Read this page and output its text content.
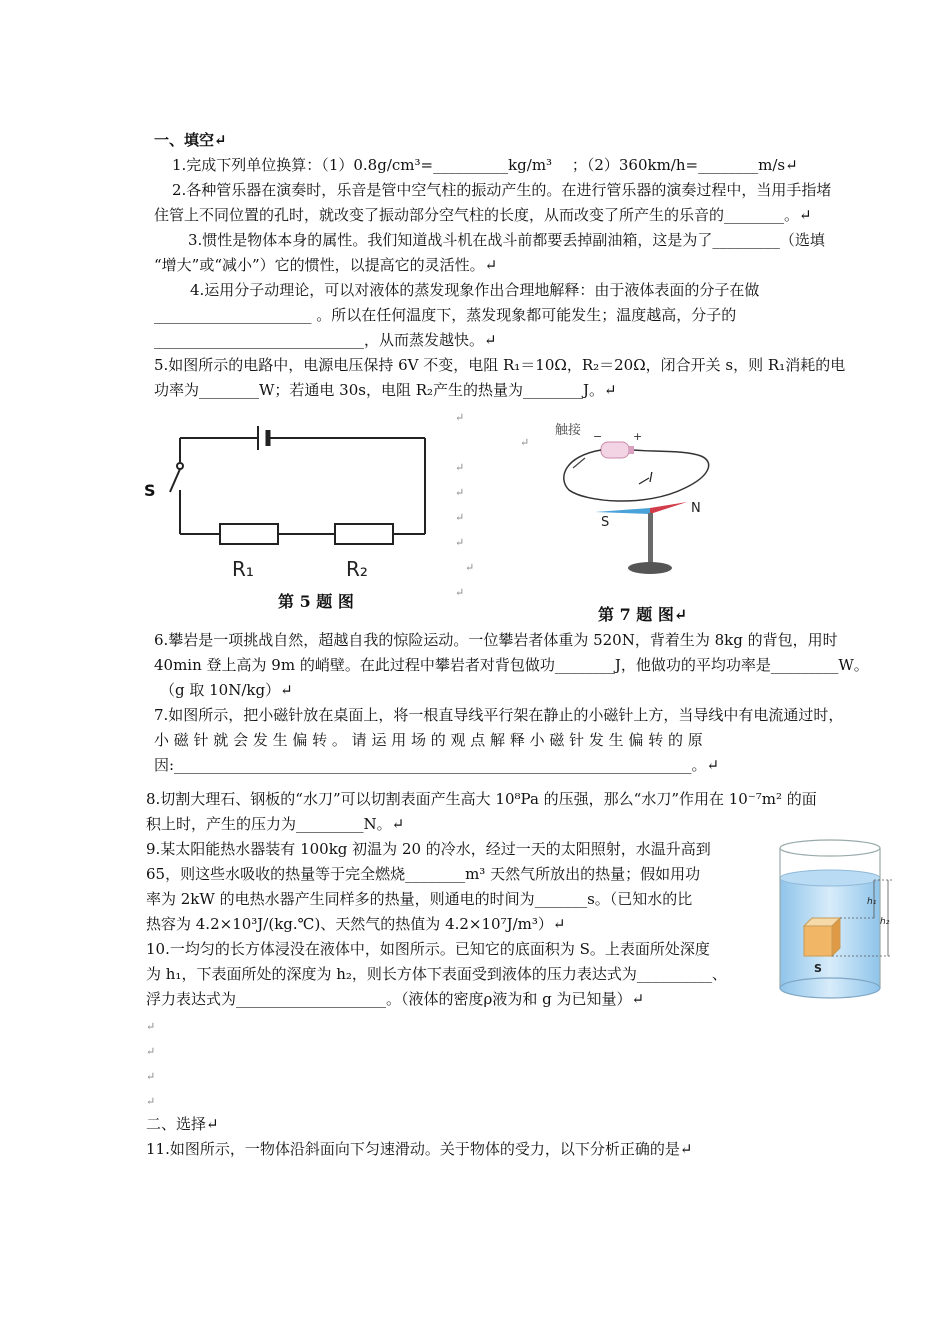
一、填空↵
1.完成下列单位换算：（1）0.8g/cm³=__________kg/m³　 ；（2）360km/h=________m/s↵
2.各种管乐器在演奏时，乐音是管中空气柱的振动产生的。在进行管乐器的演奏过程中，当用手指堵
住管上不同位置的孔时，就改变了振动部分空气柱的长度，从而改变了所产生的乐音的________。↵
3.惯性是物体本身的属性。我们知道战斗机在战斗前都要丢掉副油箱，这是为了_________（选填
“增大”或“减小”）它的惯性，以提高它的灵活性。↵
4.运用分子动理论，可以对液体的蒸发现象作出合理地解释：由于液体表面的分子在做
_____________________ 。所以在任何温度下，蒸发现象都可能发生；温度越高，分子的
____________________________，从而蒸发越快。↵
5.如图所示的电路中，电源电压保持 6V 不变，电阻 R₁＝10Ω，R₂＝20Ω，闭合开关 s，则 R₁消耗的电
功率为________W；若通电 30s，电阻 R₂产生的热量为________J。↵
S
R₁	R₂
第 5 题 图
↵
↵
↵
↵
↵
↵
↵
↵
触接 −	+
I
S
N
第 7 题 图↵
6.攀岩是一项挑战自然，超越自我的惊险运动。一位攀岩者体重为 520N，背着生为 8kg 的背包，用时
40min 登上高为 9m 的峭壁。在此过程中攀岩者对背包做功________J，他做功的平均功率是_________W。
（g 取 10N/kg）↵
7.如图所示，把小磁针放在桌面上，将一根直导线平行架在静止的小磁针上方，当导线中有电流通过时，
小 磁 针 就 会 发 生 偏 转 。 请 运 用 场 的 观 点 解 释 小 磁 针 发 生 偏 转 的 原
因:_____________________________________________________________________。↵
8.切割大理石、钢板的“水刀”可以切割表面产生高大 10⁸Pa 的压强，那么“水刀”作用在 10⁻⁷m² 的面
积上时，产生的压力为_________N。↵
9.某太阳能热水器装有 100kg 初温为 20 的冷水，经过一天的太阳照射，水温升高到
65，则这些水吸收的热量等于完全燃烧________m³ 天然气所放出的热量；假如用功
率为 2kW 的电热水器产生同样多的热量，则通电的时间为_______s。（已知水的比
热容为 4.2×10³J/(kg.℃)、天然气的热值为 4.2×10⁷J/m³）↵
10.一均匀的长方体浸没在液体中，如图所示。已知它的底面积为 S。上表面所处深度
为 h₁，下表面所处的深度为 h₂，则长方体下表面受到液体的压力表达式为__________、
浮力表达式为____________________。（液体的密度ρ液为和 g 为已知量）↵
S
h₁
h₂
↵
↵
↵
↵
二、选择↵
11.如图所示，一物体沿斜面向下匀速滑动。关于物体的受力，以下分析正确的是↵
